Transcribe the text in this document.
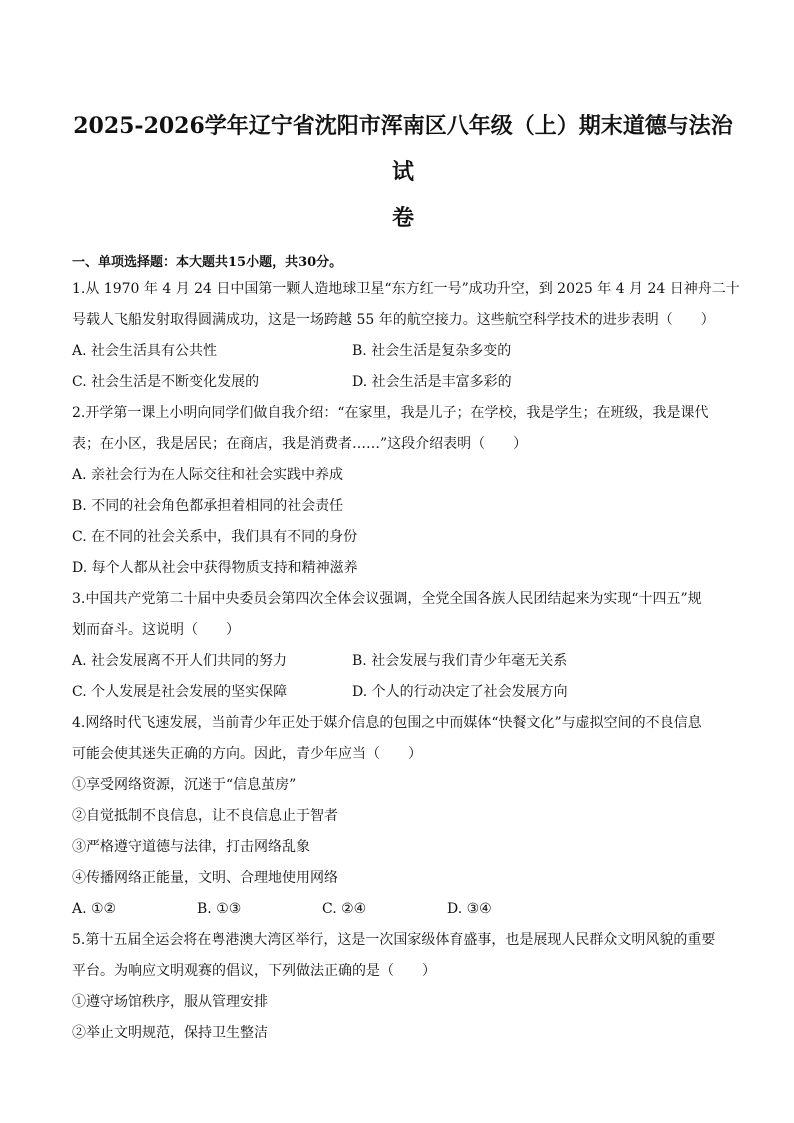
2025-2026学年辽宁省沈阳市浑南区八年级（上）期末道德与法治试
卷
一、单项选择题：本大题共15小题，共30分。
1.从 1970 年 4 月 24 日中国第一颗人造地球卫星“东方红一号”成功升空，到 2025 年 4 月 24 日神舟二十
号载人飞船发射取得圆满成功，这是一场跨越 55 年的航空接力。这些航空科学技术的进步表明（　　）
A. 社会生活具有公共性	B. 社会生活是复杂多变的
C. 社会生活是不断变化发展的	D. 社会生活是丰富多彩的
2.开学第一课上小明向同学们做自我介绍：“在家里，我是儿子；在学校，我是学生；在班级，我是课代
表；在小区，我是居民；在商店，我是消费者……”这段介绍表明（　　）
A. 亲社会行为在人际交往和社会实践中养成
B. 不同的社会角色都承担着相同的社会责任
C. 在不同的社会关系中，我们具有不同的身份
D. 每个人都从社会中获得物质支持和精神滋养
3.中国共产党第二十届中央委员会第四次全体会议强调，全党全国各族人民团结起来为实现“十四五”规
划而奋斗。这说明（　　）
A. 社会发展离不开人们共同的努力	B. 社会发展与我们青少年毫无关系
C. 个人发展是社会发展的坚实保障	D. 个人的行动决定了社会发展方向
4.网络时代飞速发展，当前青少年正处于媒介信息的包围之中而媒体“快餐文化”与虚拟空间的不良信息
可能会使其迷失正确的方向。因此，青少年应当（　　）
①享受网络资源，沉迷于“信息茧房”
②自觉抵制不良信息，让不良信息止于智者
③严格遵守道德与法律，打击网络乱象
④传播网络正能量，文明、合理地使用网络
A. ①②	B. ①③	C. ②④	D. ③④
5.第十五届全运会将在粤港澳大湾区举行，这是一次国家级体育盛事，也是展现人民群众文明风貌的重要
平台。为响应文明观赛的倡议，下列做法正确的是（　　）
①遵守场馆秩序，服从管理安排
②举止文明规范，保持卫生整洁
